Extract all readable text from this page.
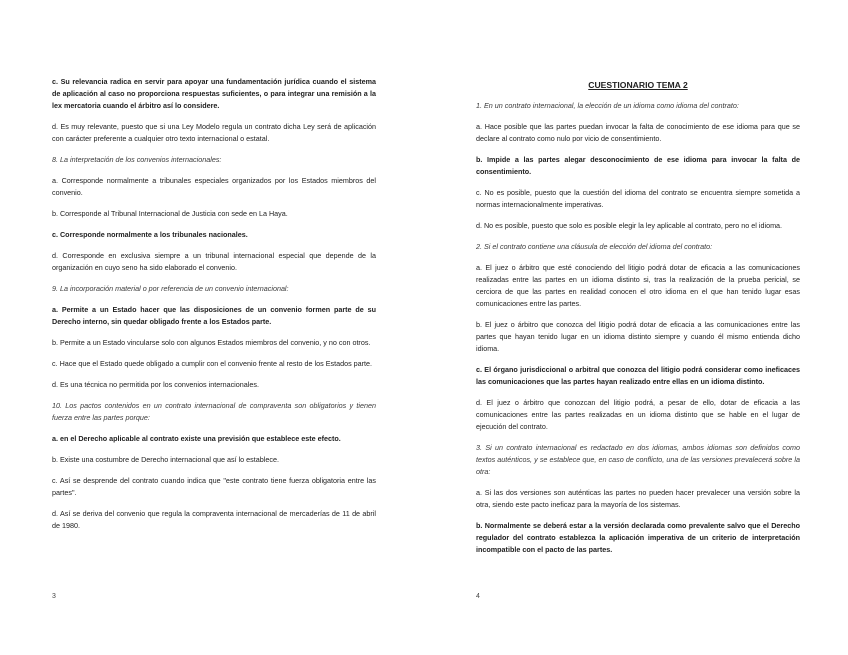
c. Su relevancia radica en servir para apoyar una fundamentación jurídica cuando el sistema de aplicación al caso no proporciona respuestas suficientes, o para integrar una remisión a la lex mercatoria cuando el árbitro así lo considere.

d. Es muy relevante, puesto que si una Ley Modelo regula un contrato dicha Ley será de aplicación con carácter preferente a cualquier otro texto internacional o estatal.

8. La interpretación de los convenios internacionales:

a. Corresponde normalmente a tribunales especiales organizados por los Estados miembros del convenio.

b. Corresponde al Tribunal Internacional de Justicia con sede en La Haya.

c. Corresponde normalmente a los tribunales nacionales.

d. Corresponde en exclusiva siempre a un tribunal internacional especial que depende de la organización en cuyo seno ha sido elaborado el convenio.

9. La incorporación material o por referencia de un convenio internacional:

a. Permite a un Estado hacer que las disposiciones de un convenio formen parte de su Derecho interno, sin quedar obligado frente a los Estados parte.

b. Permite a un Estado vincularse solo con algunos Estados miembros del convenio, y no con otros.

c. Hace que el Estado quede obligado a cumplir con el convenio frente al resto de los Estados parte.

d. Es una técnica no permitida por los convenios internacionales.

10. Los pactos contenidos en un contrato internacional de compraventa son obligatorios y tienen fuerza entre las partes porque:

a. en el Derecho aplicable al contrato existe una previsión que establece este efecto.

b. Existe una costumbre de Derecho internacional que así lo establece.

c. Así se desprende del contrato cuando indica que "este contrato tiene fuerza obligatoria entre las partes".

d. Así se deriva del convenio que regula la compraventa internacional de mercaderías de 11 de abril de 1980.

3
CUESTIONARIO TEMA 2

1. En un contrato internacional, la elección de un idioma como idioma del contrato:

a. Hace posible que las partes puedan invocar la falta de conocimiento de ese idioma para que se declare al contrato como nulo por vicio de consentimiento.

b. Impide a las partes alegar desconocimiento de ese idioma para invocar la falta de consentimiento.

c. No es posible, puesto que la cuestión del idioma del contrato se encuentra siempre sometida a normas internacionalmente imperativas.

d. No es posible, puesto que solo es posible elegir la ley aplicable al contrato, pero no el idioma.

2. Si el contrato contiene una cláusula de elección del idioma del contrato:

a. El juez o árbitro que esté conociendo del litigio podrá dotar de eficacia a las comunicaciones realizadas entre las partes en un idioma distinto si, tras la realización de la prueba pericial, se cerciora de que las partes en realidad conocen el otro idioma en el que han tenido lugar esas comunicaciones entre las partes.

b. El juez o árbitro que conozca del litigio podrá dotar de eficacia a las comunicaciones entre las partes que hayan tenido lugar en un idioma distinto siempre y cuando él mismo entienda dicho idioma.

c. El órgano jurisdiccional o arbitral que conozca del litigio podrá considerar como ineficaces las comunicaciones que las partes hayan realizado entre ellas en un idioma distinto.

d. El juez o árbitro que conozcan del litigio podrá, a pesar de ello, dotar de eficacia a las comunicaciones entre las partes realizadas en un idioma distinto que se hable en el lugar de ejecución del contrato.

3. Si un contrato internacional es redactado en dos idiomas, ambos idiomas son definidos como textos auténticos, y se establece que, en caso de conflicto, una de las versiones prevalecerá sobre la otra:

a. Si las dos versiones son auténticas las partes no pueden hacer prevalecer una versión sobre la otra, siendo este pacto ineficaz para la mayoría de los sistemas.

b. Normalmente se deberá estar a la versión declarada como prevalente salvo que el Derecho regulador del contrato establezca la aplicación imperativa de un criterio de interpretación incompatible con el pacto de las partes.

4
